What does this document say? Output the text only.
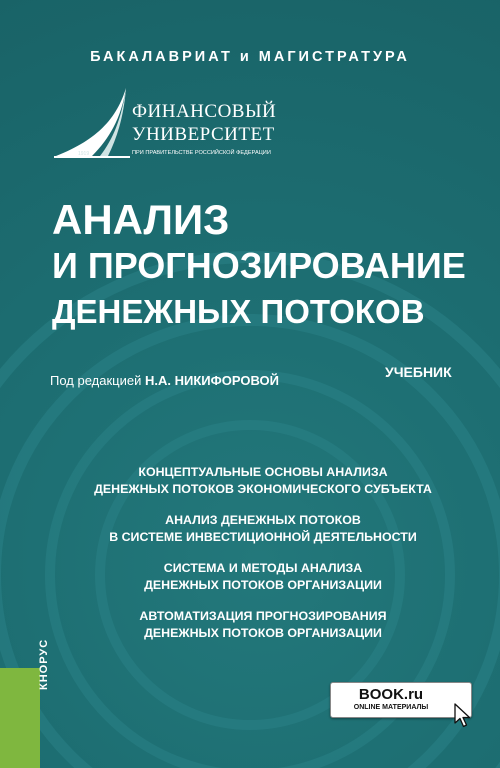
БАКАЛАВРИАТ и МАГИСТРАТУРА
1919
ФИНАНСОВЫЙ
УНИВЕРСИТЕТ
ПРИ ПРАВИТЕЛЬСТВЕ РОССИЙСКОЙ ФЕДЕРАЦИИ
АНАЛИЗ
И ПРОГНОЗИРОВАНИЕ
ДЕНЕЖНЫХ ПОТОКОВ
Под редакцией Н.А. НИКИФОРОВОЙ
УЧЕБНИК
КОНЦЕПТУАЛЬНЫЕ ОСНОВЫ АНАЛИЗА
ДЕНЕЖНЫХ ПОТОКОВ ЭКОНОМИЧЕСКОГО СУБЪЕКТА
АНАЛИЗ ДЕНЕЖНЫХ ПОТОКОВ
В СИСТЕМЕ ИНВЕСТИЦИОННОЙ ДЕЯТЕЛЬНОСТИ
СИСТЕМА И МЕТОДЫ АНАЛИЗА
ДЕНЕЖНЫХ ПОТОКОВ ОРГАНИЗАЦИИ
АВТОМАТИЗАЦИЯ ПРОГНОЗИРОВАНИЯ
ДЕНЕЖНЫХ ПОТОКОВ ОРГАНИЗАЦИИ
КНОРУС
BOOK.ru
ONLINE МАТЕРИАЛЫ
